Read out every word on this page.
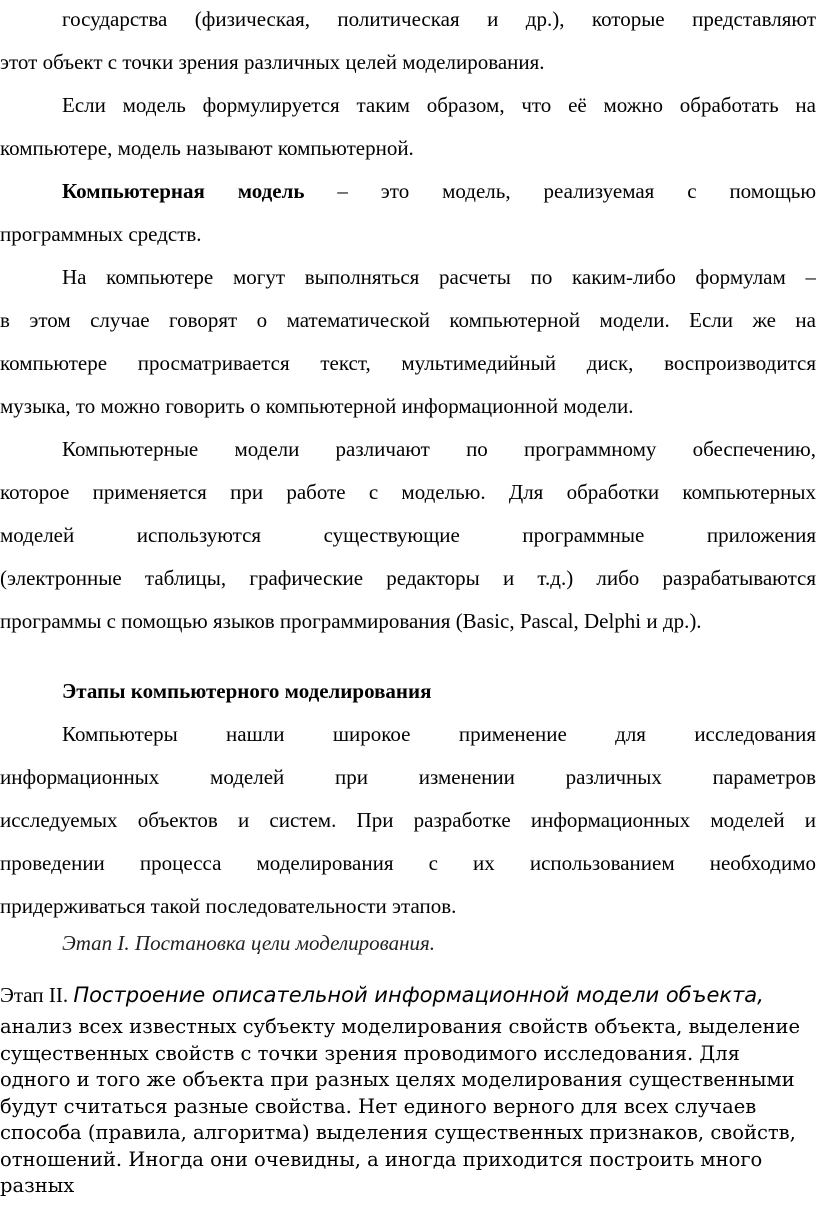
государства (физическая, политическая и др.), которые представляют
этот объект с точки зрения различных целей моделирования.
Если модель формулируется таким образом, что её можно обработать на
компьютере, модель называют компьютерной.
Компьютерная модель – это модель, реализуемая с помощью
программных средств.
На компьютере могут выполняться расчеты по каким-либо формулам –
в этом случае говорят о математической компьютерной модели. Если же на
компьютере просматривается текст, мультимедийный диск, воспроизводится
музыка, то можно говорить о компьютерной информационной модели.
Компьютерные модели различают по программному обеспечению,
которое применяется при работе с моделью. Для обработки компьютерных
моделей используются существующие программные приложения
(электронные таблицы, графические редакторы и т.д.) либо разрабатываются
программы с помощью языков программирования (Basic, Pascal, Delphi и др.).
Этапы компьютерного моделирования
Компьютеры нашли широкое применение для исследования
информационных моделей при изменении различных параметров
исследуемых объектов и систем. При разработке информационных моделей и
проведении процесса моделирования с их использованием необходимо
придерживаться такой последовательности этапов.

Этап I. Постановка цели моделирования.

Этап II. Построение описательной информационной модели объекта,

анализ всех известных субъекту моделирования свойств объекта, выделение
существенных свойств с точки зрения проводимого исследования. Для
одного и того же объекта при разных целях моделирования существенными
будут считаться разные свойства. Нет единого верного для всех случаев
способа (правила, алгоритма) выделения существенных признаков, свойств,
отношений. Иногда они очевидны, а иногда приходится построить много
разных
